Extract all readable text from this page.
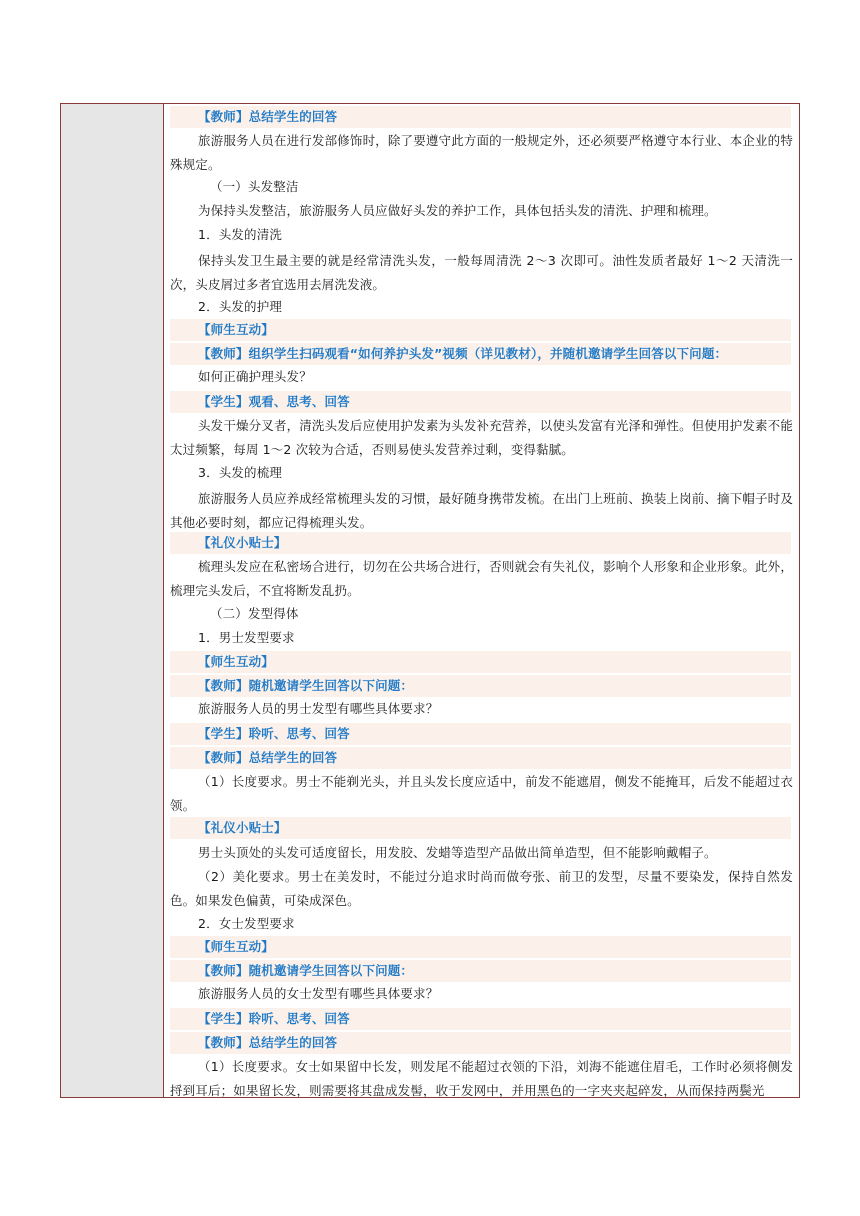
【教师】总结学生的回答
旅游服务人员在进行发部修饰时，除了要遵守此方面的一般规定外，还必须要严格遵守本行业、本企业的特殊规定。
（一）头发整洁
为保持头发整洁，旅游服务人员应做好头发的养护工作，具体包括头发的清洗、护理和梳理。
1．头发的清洗
保持头发卫生最主要的就是经常清洗头发，一般每周清洗 2～3 次即可。油性发质者最好 1～2 天清洗一次，头皮屑过多者宜选用去屑洗发液。
2．头发的护理
【师生互动】
【教师】组织学生扫码观看“如何养护头发”视频（详见教材），并随机邀请学生回答以下问题：
如何正确护理头发？
【学生】观看、思考、回答
头发干燥分叉者，清洗头发后应使用护发素为头发补充营养，以使头发富有光泽和弹性。但使用护发素不能太过频繁，每周 1～2 次较为合适，否则易使头发营养过剩，变得黏腻。
3．头发的梳理
旅游服务人员应养成经常梳理头发的习惯，最好随身携带发梳。在出门上班前、换装上岗前、摘下帽子时及其他必要时刻，都应记得梳理头发。
【礼仪小贴士】
梳理头发应在私密场合进行，切勿在公共场合进行，否则就会有失礼仪，影响个人形象和企业形象。此外，梳理完头发后，不宜将断发乱扔。
（二）发型得体
1．男士发型要求
【师生互动】
【教师】随机邀请学生回答以下问题：
旅游服务人员的男士发型有哪些具体要求？
【学生】聆听、思考、回答
【教师】总结学生的回答
（1）长度要求。男士不能剃光头，并且头发长度应适中，前发不能遮眉，侧发不能掩耳，后发不能超过衣领。
【礼仪小贴士】
男士头顶处的头发可适度留长，用发胶、发蜡等造型产品做出简单造型，但不能影响戴帽子。
（2）美化要求。男士在美发时，不能过分追求时尚而做夸张、前卫的发型，尽量不要染发，保持自然发色。如果发色偏黄，可染成深色。
2．女士发型要求
【师生互动】
【教师】随机邀请学生回答以下问题：
旅游服务人员的女士发型有哪些具体要求？
【学生】聆听、思考、回答
【教师】总结学生的回答
（1）长度要求。女士如果留中长发，则发尾不能超过衣领的下沿，刘海不能遮住眉毛，工作时必须将侧发捋到耳后；如果留长发，则需要将其盘成发髻，收于发网中，并用黑色的一字夹夹起碎发，从而保持两鬓光
